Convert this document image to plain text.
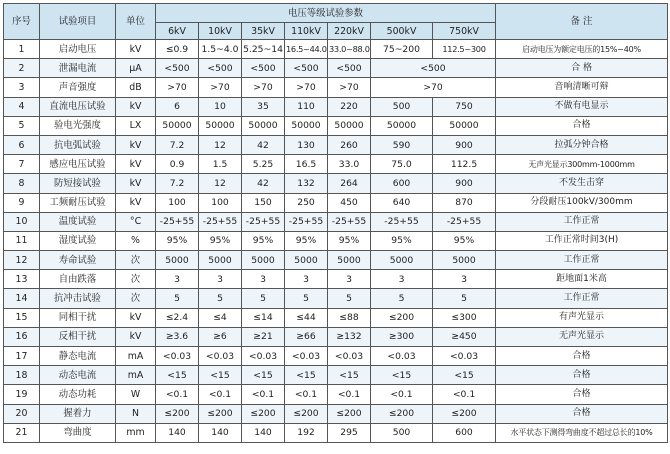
序号	试验项目	单位	电压等级试验参数							备 注
			6kV	10kV	35kV	110kV	220kV	500kV	750kV	
1	启动电压	kV	≤0.9	1.5~4.0	5.25~14	16.5~44.0	33.0~88.0	75~200	112.5~300	启动电压为额定电压的15%~40%
2	泄漏电流	μA	<500	<500	<500	<500	<500	<500		合 格
3	声音强度	dB	>70	>70	>70	>70	>70	>70		音响清晰可辩
4	直流电压试验	kV	6	10	35	110	220	500	750	不做有电显示
5	验电光强度	LX	50000	50000	50000	50000	50000	50000	50000	合格
6	抗电弧试验	kV	7.2	12	42	130	260	590	900	拉弧分钟合格
7	感应电压试验	kV	0.9	1.5	5.25	16.5	33.0	75.0	112.5	无声光显示300mm-1000mm
8	防短接试验	kV	7.2	12	42	132	264	600	900	不发生击穿
9	工频耐压试验	kV	100	100	150	250	450	640	870	分段耐压100kV/300mm
10	温度试验	°C	-25+55	-25+55	-25+55	-25+55	-25+55	-25+55	-25+55	工作正常
11	湿度试验	%	95%	95%	95%	95%	95%	95%	95%	工作正常时间3(H)
12	寿命试验	次	5000	5000	5000	5000	5000	5000	5000	工作正常
13	自由跌落	次	3	3	3	3	3	3	3	距地面1米高
14	抗冲击试验	次	5	5	5	5	5	5	5	工作正常
15	同相干扰	kV	≤2.4	≤4	≤14	≤44	≤88	≤200	≤300	有声光显示
16	反相干扰	kV	≥3.6	≥6	≥21	≥66	≥132	≥300	≥450	无声光显示
17	静态电流	mA	<0.03	<0.03	<0.03	<0.03	<0.03	<0.03	<0.03	合格
18	动态电流	mA	<15	<15	<15	<15	<15	<15	<15	合格
19	动态功耗	W	<0.1	<0.1	<0.1	<0.1	<0.1	<0.1	<0.1	合格
20	握着力	N	≤200	≤200	≤200	≤200	≤200	≤200	≤200	合格
21	弯曲度	mm	140	140	140	192	295	500	600	水平状态下测得弯曲度不超过总长的10%
